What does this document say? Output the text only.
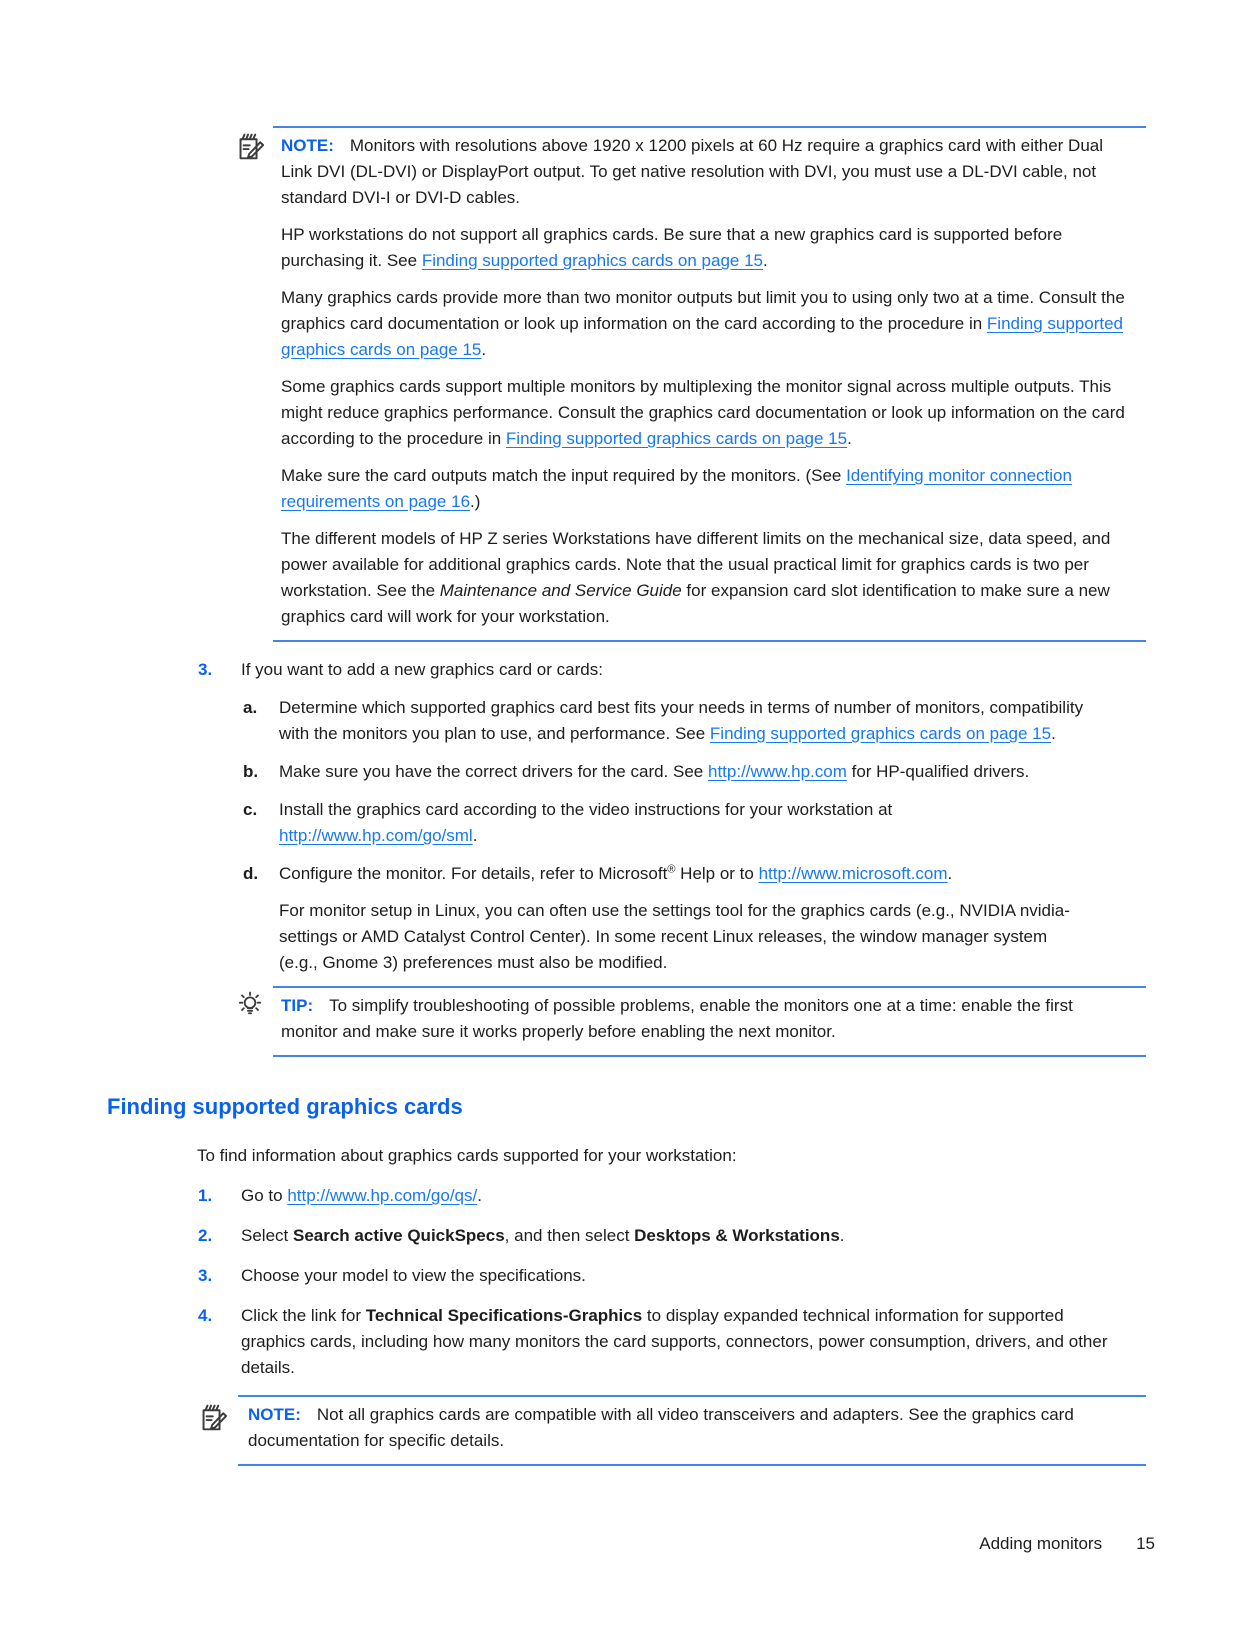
NOTE: Monitors with resolutions above 1920 x 1200 pixels at 60 Hz require a graphics card with either Dual Link DVI (DL-DVI) or DisplayPort output. To get native resolution with DVI, you must use a DL-DVI cable, not standard DVI-I or DVI-D cables.

HP workstations do not support all graphics cards. Be sure that a new graphics card is supported before purchasing it. See Finding supported graphics cards on page 15.

Many graphics cards provide more than two monitor outputs but limit you to using only two at a time. Consult the graphics card documentation or look up information on the card according to the procedure in Finding supported graphics cards on page 15.

Some graphics cards support multiple monitors by multiplexing the monitor signal across multiple outputs. This might reduce graphics performance. Consult the graphics card documentation or look up information on the card according to the procedure in Finding supported graphics cards on page 15.

Make sure the card outputs match the input required by the monitors. (See Identifying monitor connection requirements on page 16.)

The different models of HP Z series Workstations have different limits on the mechanical size, data speed, and power available for additional graphics cards. Note that the usual practical limit for graphics cards is two per workstation. See the Maintenance and Service Guide for expansion card slot identification to make sure a new graphics card will work for your workstation.

3.	If you want to add a new graphics card or cards:

a.	Determine which supported graphics card best fits your needs in terms of number of monitors, compatibility with the monitors you plan to use, and performance. See Finding supported graphics cards on page 15.

b.	Make sure you have the correct drivers for the card. See http://www.hp.com for HP-qualified drivers.

c.	Install the graphics card according to the video instructions for your workstation at http://www.hp.com/go/sml.

d.	Configure the monitor. For details, refer to Microsoft® Help or to http://www.microsoft.com.

For monitor setup in Linux, you can often use the settings tool for the graphics cards (e.g., NVIDIA nvidia-settings or AMD Catalyst Control Center). In some recent Linux releases, the window manager system (e.g., Gnome 3) preferences must also be modified.

TIP: To simplify troubleshooting of possible problems, enable the monitors one at a time: enable the first monitor and make sure it works properly before enabling the next monitor.

Finding supported graphics cards

To find information about graphics cards supported for your workstation:

1.	Go to http://www.hp.com/go/qs/.

2.	Select Search active QuickSpecs, and then select Desktops & Workstations.

3.	Choose your model to view the specifications.

4.	Click the link for Technical Specifications-Graphics to display expanded technical information for supported graphics cards, including how many monitors the card supports, connectors, power consumption, drivers, and other details.

NOTE: Not all graphics cards are compatible with all video transceivers and adapters. See the graphics card documentation for specific details.

Adding monitors 15
